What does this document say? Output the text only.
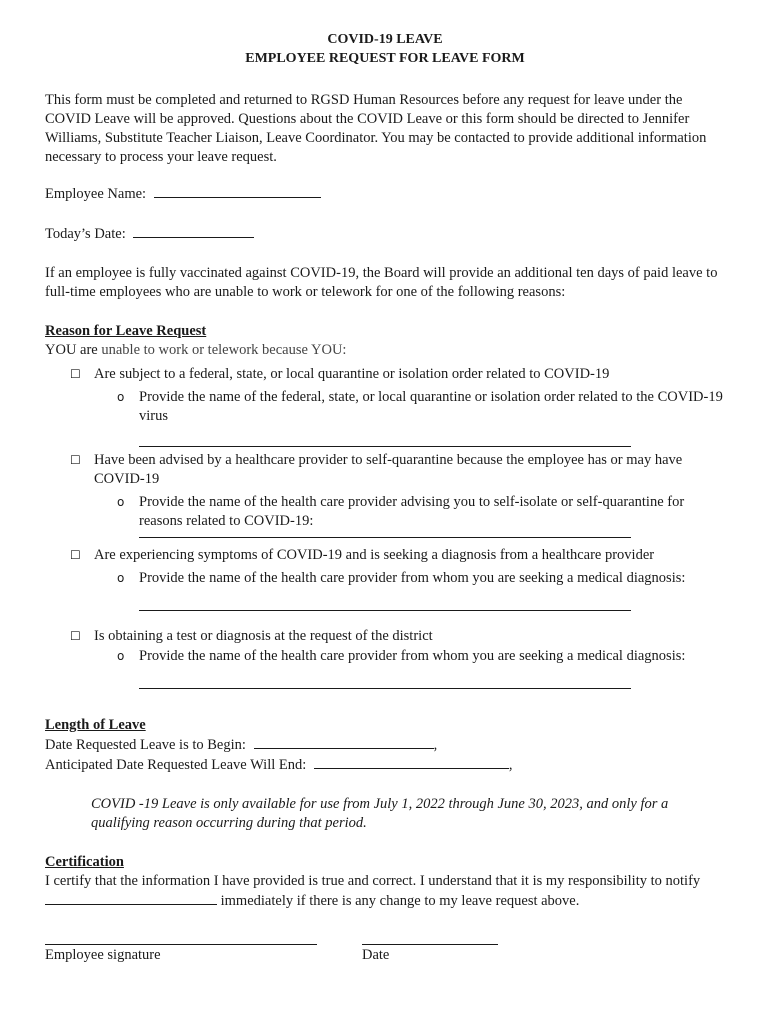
COVID-19 LEAVE
EMPLOYEE REQUEST FOR LEAVE FORM

This form must be completed and returned to RGSD Human Resources before any request for leave under the COVID Leave will be approved. Questions about the COVID Leave or this form should be directed to Jennifer Williams, Substitute Teacher Liaison, Leave Coordinator. You may be contacted to provide additional information necessary to process your leave request.

Employee Name:

Today’s Date:

If an employee is fully vaccinated against COVID-19, the Board will provide an additional ten days of paid leave to full-time employees who are unable to work or telework for one of the following reasons:

Reason for Leave Request

YOU are unable to work or telework because YOU:

☐ Are subject to a federal, state, or local quarantine or isolation order related to COVID-19
o Provide the name of the federal, state, or local quarantine or isolation order related to the COVID-19 virus
☐ Have been advised by a healthcare provider to self-quarantine because the employee has or may have COVID-19
o Provide the name of the health care provider advising you to self-isolate or self-quarantine for reasons related to COVID-19:
☐ Are experiencing symptoms of COVID-19 and is seeking a diagnosis from a healthcare provider
o Provide the name of the health care provider from whom you are seeking a medical diagnosis:
☐ Is obtaining a test or diagnosis at the request of the district
o Provide the name of the health care provider from whom you are seeking a medical diagnosis:
Length of Leave

Date Requested Leave is to Begin:	,

Anticipated Date Requested Leave Will End:	,

COVID -19 Leave is only available for use from July 1, 2022 through June 30, 2023, and only for a qualifying reason occurring during that period.

Certification

I certify that the information I have provided is true and correct. I understand that it is my responsibility to notify  immediately if there is any change to my leave request above.

Employee signature	Date
